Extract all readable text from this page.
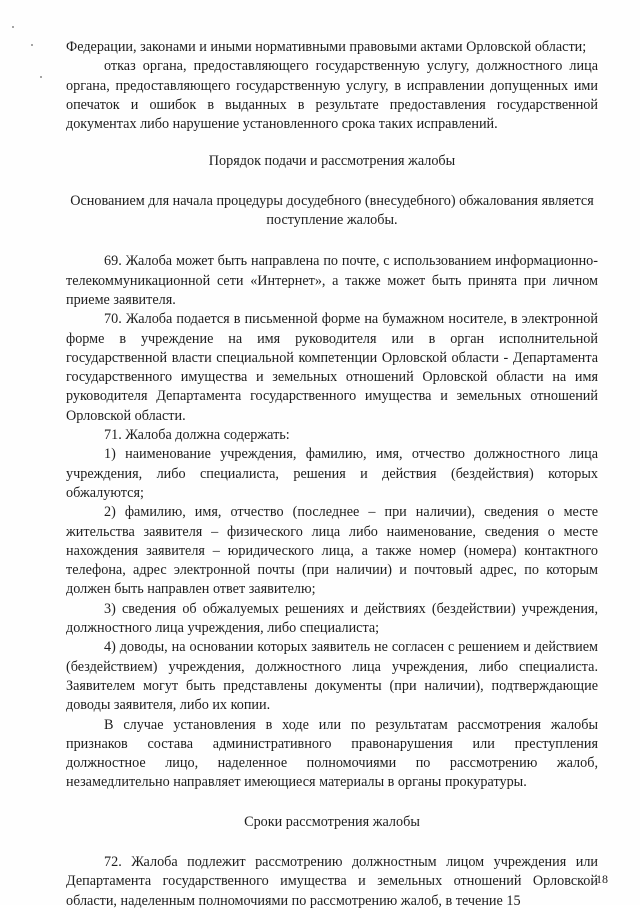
Федерации, законами и иными нормативными правовыми актами Орловской области;

отказ органа, предоставляющего государственную услугу, должностного лица органа, предоставляющего государственную услугу, в исправлении допущенных ими опечаток и ошибок в выданных в результате предоставления государственной документах либо нарушение установленного срока таких исправлений.

Порядок подачи и рассмотрения жалобы

Основанием для начала процедуры досудебного (внесудебного) обжалования является поступление жалобы.

69. Жалоба может быть направлена по почте, с использованием информационно-телекоммуникационной сети «Интернет», а также может быть принята при личном приеме заявителя.

70. Жалоба подается в письменной форме на бумажном носителе, в электронной форме в учреждение на имя руководителя или в орган исполнительной государственной власти специальной компетенции Орловской области - Департамента государственного имущества и земельных отношений Орловской области на имя руководителя Департамента государственного имущества и земельных отношений Орловской области.

71. Жалоба должна содержать:

1) наименование учреждения, фамилию, имя, отчество должностного лица учреждения, либо специалиста, решения и действия (бездействия) которых обжалуются;

2) фамилию, имя, отчество (последнее – при наличии), сведения о месте жительства заявителя – физического лица либо наименование, сведения о месте нахождения заявителя – юридического лица, а также номер (номера) контактного телефона, адрес электронной почты (при наличии) и почтовый адрес, по которым должен быть направлен ответ заявителю;

3) сведения об обжалуемых решениях и действиях (бездействии) учреждения, должностного лица учреждения, либо специалиста;

4) доводы, на основании которых заявитель не согласен с решением и действием (бездействием) учреждения, должностного лица учреждения, либо специалиста. Заявителем могут быть представлены документы (при наличии), подтверждающие доводы заявителя, либо их копии.

В случае установления в ходе или по результатам рассмотрения жалобы признаков состава административного правонарушения или преступления должностное лицо, наделенное полномочиями по рассмотрению жалоб, незамедлительно направляет имеющиеся материалы в органы прокуратуры.

Сроки рассмотрения жалобы

72. Жалоба подлежит рассмотрению должностным лицом учреждения или Департамента государственного имущества и земельных отношений Орловской области, наделенным полномочиями по рассмотрению жалоб, в течение 15

18
